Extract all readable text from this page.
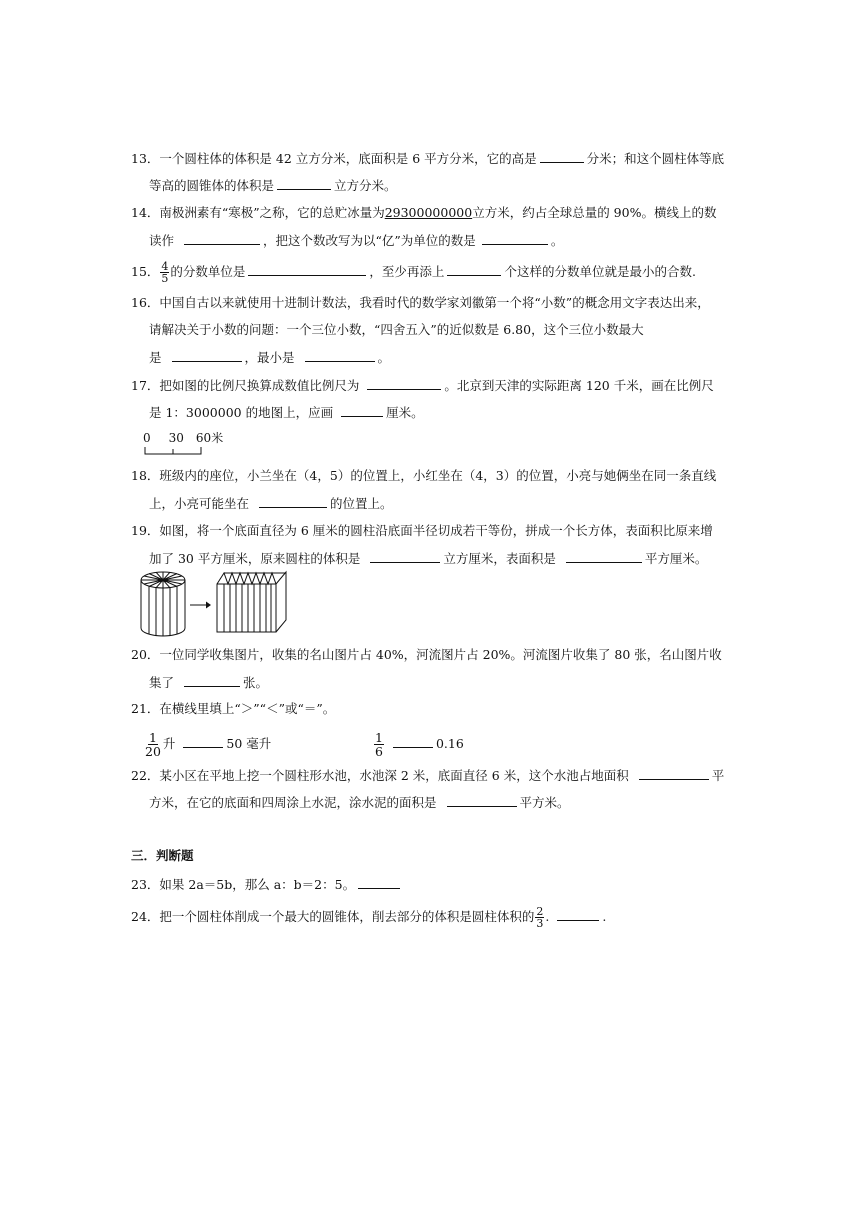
13．一个圆柱体的体积是 42 立方分米，底面积是 6 平方分米，它的高是	分米；和这个圆柱体等底
等高的圆锥体的体积是	立方分米。
14．南极洲素有“寒极”之称，它的总贮冰量为29300000000立方米，约占全球总量的 90%。横线上的数
读作	，把这个数改写为以“亿”为单位的数是	。
15． $\frac{4}{5}$ 的分数单位是	，至少再添上	个这样的分数单位就是最小的合数.
16．中国自古以来就使用十进制计数法，我看时代的数学家刘徽第一个将“小数”的概念用文字表达出来，
请解决关于小数的问题：一个三位小数，“四舍五入”的近似数是 6.80，这个三位小数最大
是	，最小是	。
17．把如图的比例尺换算成数值比例尺为	。北京到天津的实际距离 120 千米，画在比例尺
是 1：3000000 的地图上，应画	厘米。
0 30 60米
18．班级内的座位，小兰坐在（4，5）的位置上，小红坐在（4，3）的位置，小亮与她俩坐在同一条直线
上，小亮可能坐在	的位置上。
19．如图，将一个底面直径为 6 厘米的圆柱沿底面半径切成若干等份，拼成一个长方体，表面积比原来增
加了 30 平方厘米，原来圆柱的体积是	立方厘米，表面积是	平方厘米。
20．一位同学收集图片，收集的名山图片占 40%，河流图片占 20%。河流图片收集了 80 张，名山图片收
集了	张。
21．在横线里填上“＞”“＜”或“＝”。
$\frac{1}{20}$ 升	50 毫升	$\frac{1}{6}$	0.16
22．某小区在平地上挖一个圆柱形水池，水池深 2 米，底面直径 6 米，这个水池占地面积	平
方米，在它的底面和四周涂上水泥，涂水泥的面积是	平方米。
三．判断题
23．如果 2a＝5b，那么 a：b＝2：5。
24．把一个圆柱体削成一个最大的圆锥体，削去部分的体积是圆柱体积的 $\frac{2}{3}$ .	.
